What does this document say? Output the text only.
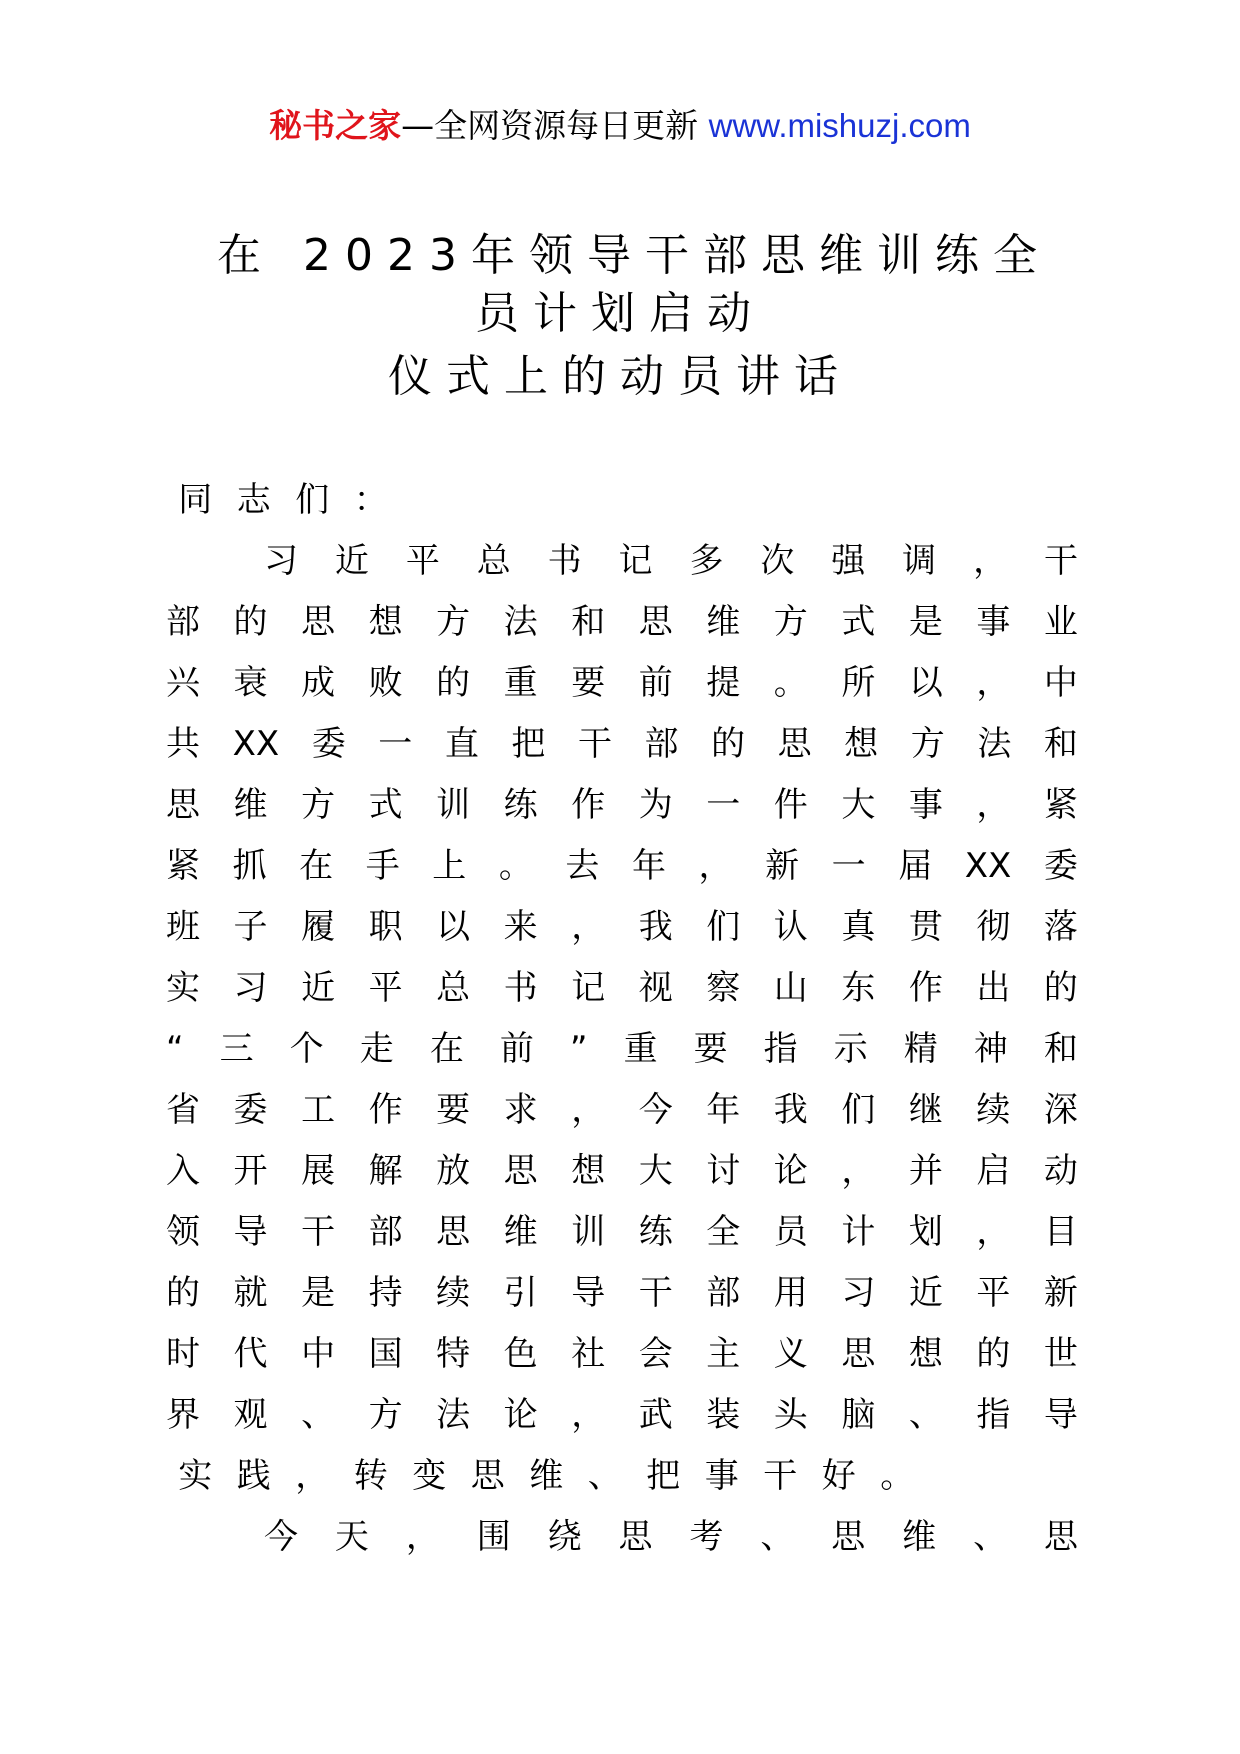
秘书之家—全网资源每日更新 www.mishuzj.com
在 2023年领导干部思维训练全
员计划启动
仪式上的动员讲话
同 志 们 ：
习 近 平 总 书 记 多 次 强 调 ， 干
部 的 思 想 方 法 和 思 维 方 式 是 事 业
兴 衰 成 败 的 重 要 前 提 。 所 以 ， 中
共 XX 委 一 直 把 干 部 的 思 想 方 法 和
思 维 方 式 训 练 作 为 一 件 大 事 ， 紧
紧 抓 在 手 上 。 去 年 ， 新 一 届 XX 委
班 子 履 职 以 来 ， 我 们 认 真 贯 彻 落
实 习 近 平 总 书 记 视 察 山 东 作 出 的
“ 三 个 走 在 前 ” 重 要 指 示 精 神 和
省 委 工 作 要 求 ， 今 年 我 们 继 续 深
入 开 展 解 放 思 想 大 讨 论 ， 并 启 动
领 导 干 部 思 维 训 练 全 员 计 划 ， 目
的 就 是 持 续 引 导 干 部 用 习 近 平 新
时 代 中 国 特 色 社 会 主 义 思 想 的 世
界 观 、 方 法 论 ， 武 装 头 脑 、 指 导
实 践 ， 转 变 思 维 、 把 事 干 好 。
今 天 ， 围 绕 思 考 、 思 维 、 思
